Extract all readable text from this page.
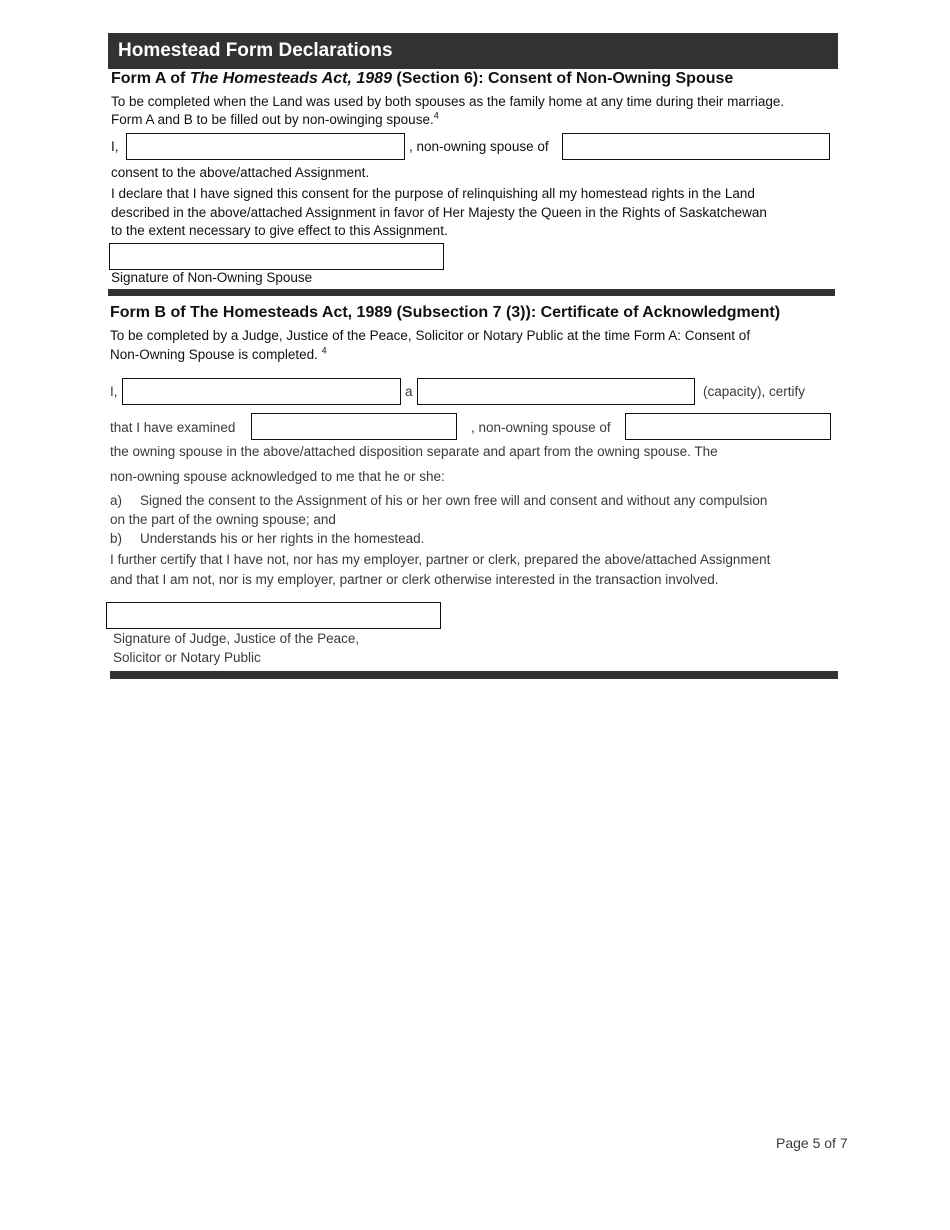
Homestead Form Declarations
Form A of The Homesteads Act, 1989 (Section 6): Consent of Non-Owning Spouse
To be completed when the Land was used by both spouses as the family home at any time during their marriage.
Form A and B to be filled out by non-owinging spouse.$^4$
I,	, non-owning spouse of
consent to the above/attached Assignment.
I declare that I have signed this consent for the purpose of relinquishing all my homestead rights in the Land
described in the above/attached Assignment in favor of Her Majesty the Queen in the Rights of Saskatchewan
to the extent necessary to give effect to this Assignment.
Signature of Non-Owning Spouse
Form B of The Homesteads Act, 1989 (Subsection 7 (3)): Certificate of Acknowledgment)
To be completed by a Judge, Justice of the Peace, Solicitor or Notary Public at the time Form A: Consent of
Non-Owning Spouse is completed. $^4$
I,	a	(capacity), certify
that I have examined	, non-owning spouse of
the owning spouse in the above/attached disposition separate and apart from the owning spouse. The
non-owning spouse acknowledged to me that he or she:
a) Signed the consent to the Assignment of his or her own free will and consent and without any compulsion
on the part of the owning spouse; and
b) Understands his or her rights in the homestead.
I further certify that I have not, nor has my employer, partner or clerk, prepared the above/attached Assignment
and that I am not, nor is my employer, partner or clerk otherwise interested in the transaction involved.
Signature of Judge, Justice of the Peace,
Solicitor or Notary Public
Page 5 of 7
